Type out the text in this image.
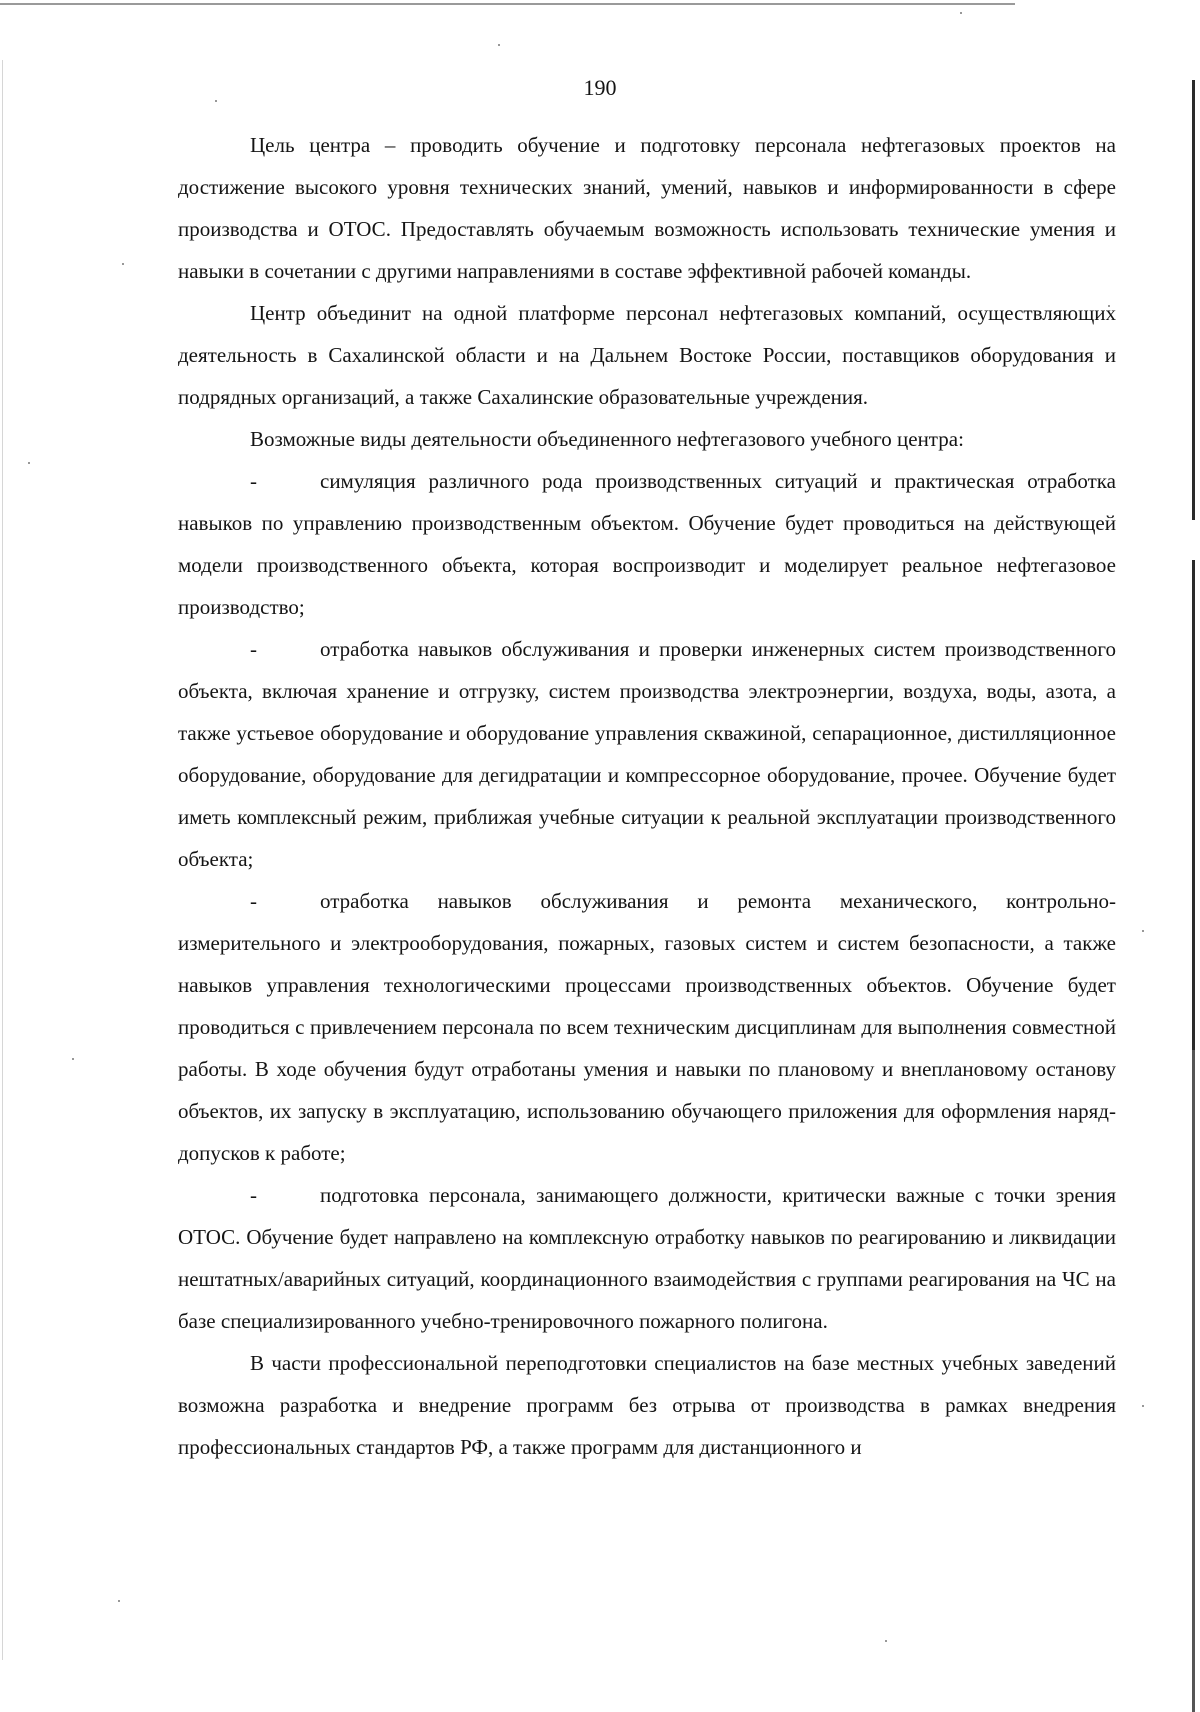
190

Цель центра – проводить обучение и подготовку персонала нефтегазовых проектов на достижение высокого уровня технических знаний, умений, навыков и информированности в сфере производства и ОТОС. Предоставлять обучаемым возможность использовать технические умения и навыки в сочетании с другими направлениями в составе эффективной рабочей команды.

Центр объединит на одной платформе персонал нефтегазовых компаний, осуществляющих деятельность в Сахалинской области и на Дальнем Востоке России, поставщиков оборудования и подрядных организаций, а также Сахалинские образовательные учреждения.

Возможные виды деятельности объединенного нефтегазового учебного центра:

-	симуляция различного рода производственных ситуаций и практическая отработка навыков по управлению производственным объектом. Обучение будет проводиться на действующей модели производственного объекта, которая воспроизводит и моделирует реальное нефтегазовое производство;

-	отработка навыков обслуживания и проверки инженерных систем производственного объекта, включая хранение и отгрузку, систем производства электроэнергии, воздуха, воды, азота, а также устьевое оборудование и оборудование управления скважиной, сепарационное, дистилляционное оборудование, оборудование для дегидратации и компрессорное оборудование, прочее. Обучение будет иметь комплексный режим, приближая учебные ситуации к реальной эксплуатации производственного объекта;

-	отработка навыков обслуживания и ремонта механического, контрольно-измерительного и электрооборудования, пожарных, газовых систем и систем безопасности, а также навыков управления технологическими процессами производственных объектов. Обучение будет проводиться с привлечением персонала по всем техническим дисциплинам для выполнения совместной работы. В ходе обучения будут отработаны умения и навыки по плановому и внеплановому останову объектов, их запуску в эксплуатацию, использованию обучающего приложения для оформления наряд-допусков к работе;

-	подготовка персонала, занимающего должности, критически важные с точки зрения ОТОС. Обучение будет направлено на комплексную отработку навыков по реагированию и ликвидации нештатных/аварийных ситуаций, координационного взаимодействия с группами реагирования на ЧС на базе специализированного учебно-тренировочного пожарного полигона.

В части профессиональной переподготовки специалистов на базе местных учебных заведений возможна разработка и внедрение программ без отрыва от производства в рамках внедрения профессиональных стандартов РФ, а также программ для дистанционного и
